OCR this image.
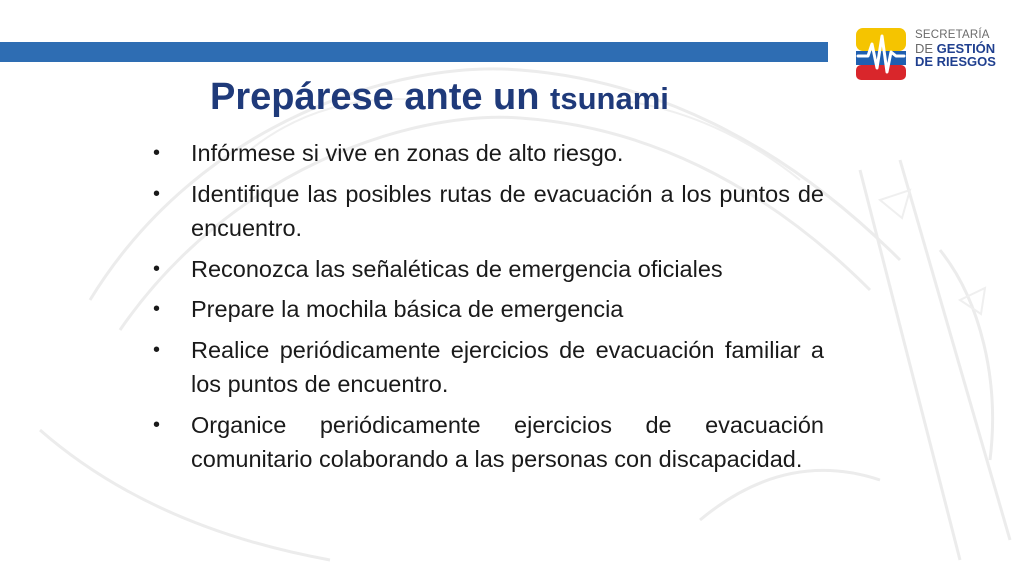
SECRETARÍA
DE GESTIÓN
DE RIESGOS
Prepárese ante un tsunami
• Infórmese si vive en zonas de alto riesgo.
• Identifique las posibles rutas de evacuación a los puntos de encuentro.
• Reconozca las señaléticas de emergencia oficiales
• Prepare la mochila básica de emergencia
• Realice periódicamente ejercicios de evacuación familiar a los puntos de encuentro.
• Organice periódicamente ejercicios de evacuación comunitario colaborando a las personas con discapacidad.
